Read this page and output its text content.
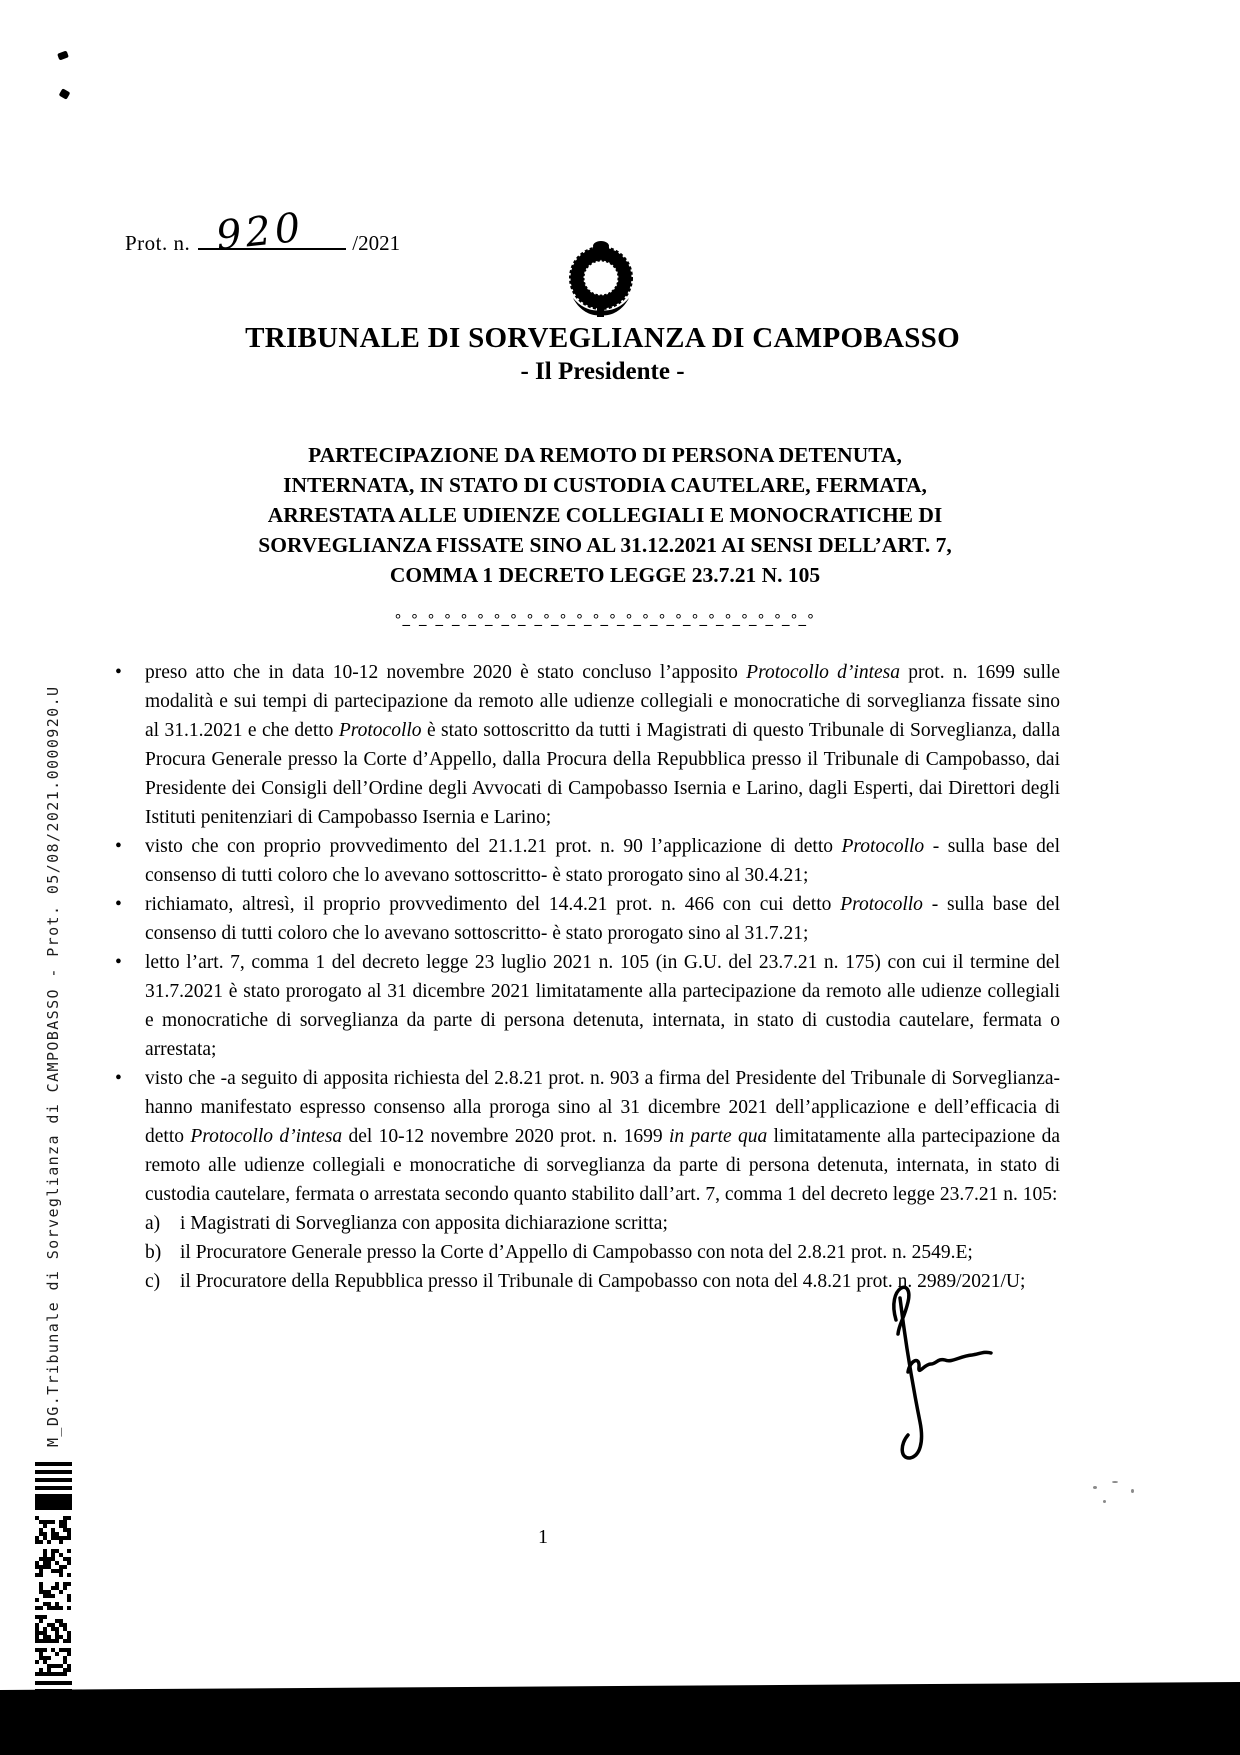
Prot. n. 920 /2021
TRIBUNALE DI SORVEGLIANZA DI CAMPOBASSO
- Il Presidente -
PARTECIPAZIONE DA REMOTO DI PERSONA DETENUTA,
INTERNATA, IN STATO DI CUSTODIA CAUTELARE, FERMATA,
ARRESTATA ALLE UDIENZE COLLEGIALI E MONOCRATICHE DI
SORVEGLIANZA FISSATE SINO AL 31.12.2021 AI SENSI DELL’ART. 7,
COMMA 1 DECRETO LEGGE 23.7.21 N. 105
°_°_°_°_°_°_°_°_°_°_°_°_°_°_°_°_°_°_°_°_°_°_°_°_°_°
•	preso atto che in data 10-12 novembre 2020 è stato concluso l’apposito Protocollo d’intesa prot. n. 1699 sulle modalità e sui tempi di partecipazione da remoto alle udienze collegiali e monocratiche di sorveglianza fissate sino al 31.1.2021 e che detto Protocollo è stato sottoscritto da tutti i Magistrati di questo Tribunale di Sorveglianza, dalla Procura Generale presso la Corte d’Appello, dalla Procura della Repubblica presso il Tribunale di Campobasso, dai Presidente dei Consigli dell’Ordine degli Avvocati di Campobasso Isernia e Larino, dagli Esperti, dai Direttori degli Istituti penitenziari di Campobasso Isernia e Larino;
•	visto che con proprio provvedimento del 21.1.21 prot. n. 90 l’applicazione di detto Protocollo - sulla base del consenso di tutti coloro che lo avevano sottoscritto- è stato prorogato sino al 30.4.21;
•	richiamato, altresì, il proprio provvedimento del 14.4.21 prot. n. 466 con cui detto Protocollo - sulla base del consenso di tutti coloro che lo avevano sottoscritto- è stato prorogato sino al 31.7.21;
•	letto l’art. 7, comma 1 del decreto legge 23 luglio 2021 n. 105 (in G.U. del 23.7.21 n. 175) con cui il termine del 31.7.2021 è stato prorogato al 31 dicembre 2021 limitatamente alla partecipazione da remoto alle udienze collegiali e monocratiche di sorveglianza da parte di persona detenuta, internata, in stato di custodia cautelare, fermata o arrestata;
•	visto che -a seguito di apposita richiesta del 2.8.21 prot. n. 903 a firma del Presidente del Tribunale di Sorveglianza- hanno manifestato espresso consenso alla proroga sino al 31 dicembre 2021 dell’applicazione e dell’efficacia di detto Protocollo d’intesa del 10-12 novembre 2020 prot. n. 1699 in parte qua limitatamente alla partecipazione da remoto alle udienze collegiali e monocratiche di sorveglianza da parte di persona detenuta, internata, in stato di custodia cautelare, fermata o arrestata secondo quanto stabilito dall’art. 7, comma 1 del decreto legge 23.7.21 n. 105:
a)	i Magistrati di Sorveglianza con apposita dichiarazione scritta;
b) il Procuratore Generale presso la Corte d’Appello di Campobasso con nota del 2.8.21 prot. n. 2549.E;
c)	il Procuratore della Repubblica presso il Tribunale di Campobasso con nota del 4.8.21 prot. n. 2989/2021/U;
1
M_DG.Tribunale di Sorveglianza di CAMPOBASSO - Prot. 05/08/2021.0000920.U
